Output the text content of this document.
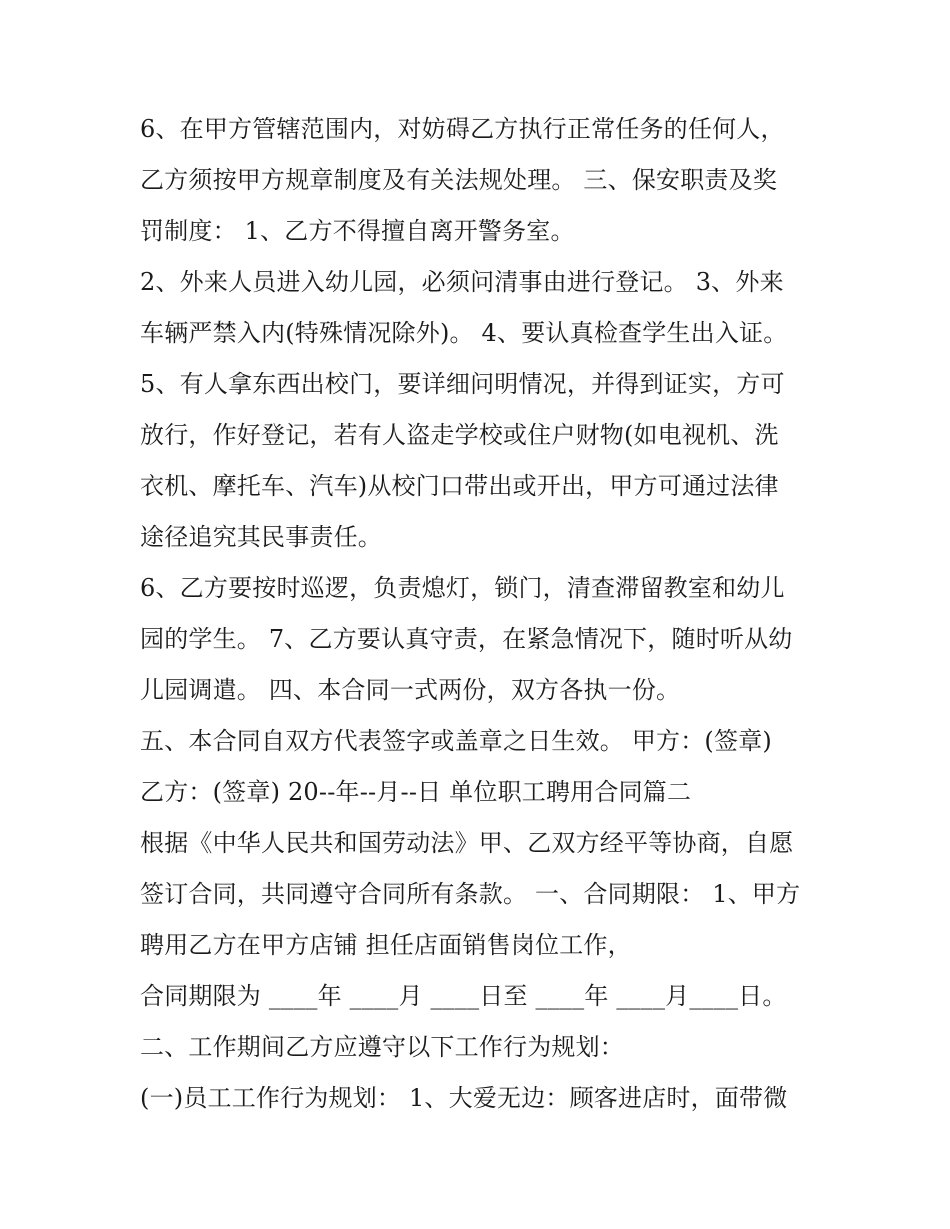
6、在甲方管辖范围内，对妨碍乙方执行正常任务的任何人，
乙方须按甲方规章制度及有关法规处理。 三、保安职责及奖
罚制度： 1、乙方不得擅自离开警务室。
2、外来人员进入幼儿园，必须问清事由进行登记。 3、外来
车辆严禁入内(特殊情况除外)。 4、要认真检查学生出入证。
5、有人拿东西出校门，要详细问明情况，并得到证实，方可
放行，作好登记，若有人盗走学校或住户财物(如电视机、洗
衣机、摩托车、汽车)从校门口带出或开出，甲方可通过法律
途径追究其民事责任。
6、乙方要按时巡逻，负责熄灯，锁门，清查滞留教室和幼儿
园的学生。 7、乙方要认真守责，在紧急情况下，随时听从幼
儿园调遣。 四、本合同一式两份，双方各执一份。
五、本合同自双方代表签字或盖章之日生效。 甲方：(签章)
乙方：(签章) 20--年--月--日 单位职工聘用合同篇二
根据《中华人民共和国劳动法》甲、乙双方经平等协商，自愿
签订合同，共同遵守合同所有条款。 一、合同期限： 1、甲方
聘用乙方在甲方店铺 担任店面销售岗位工作，
合同期限为 ____年 ____月 ____日至 ____年 ____月____日。
二、工作期间乙方应遵守以下工作行为规划：
(一)员工工作行为规划： 1、大爱无边：顾客进店时，面带微
